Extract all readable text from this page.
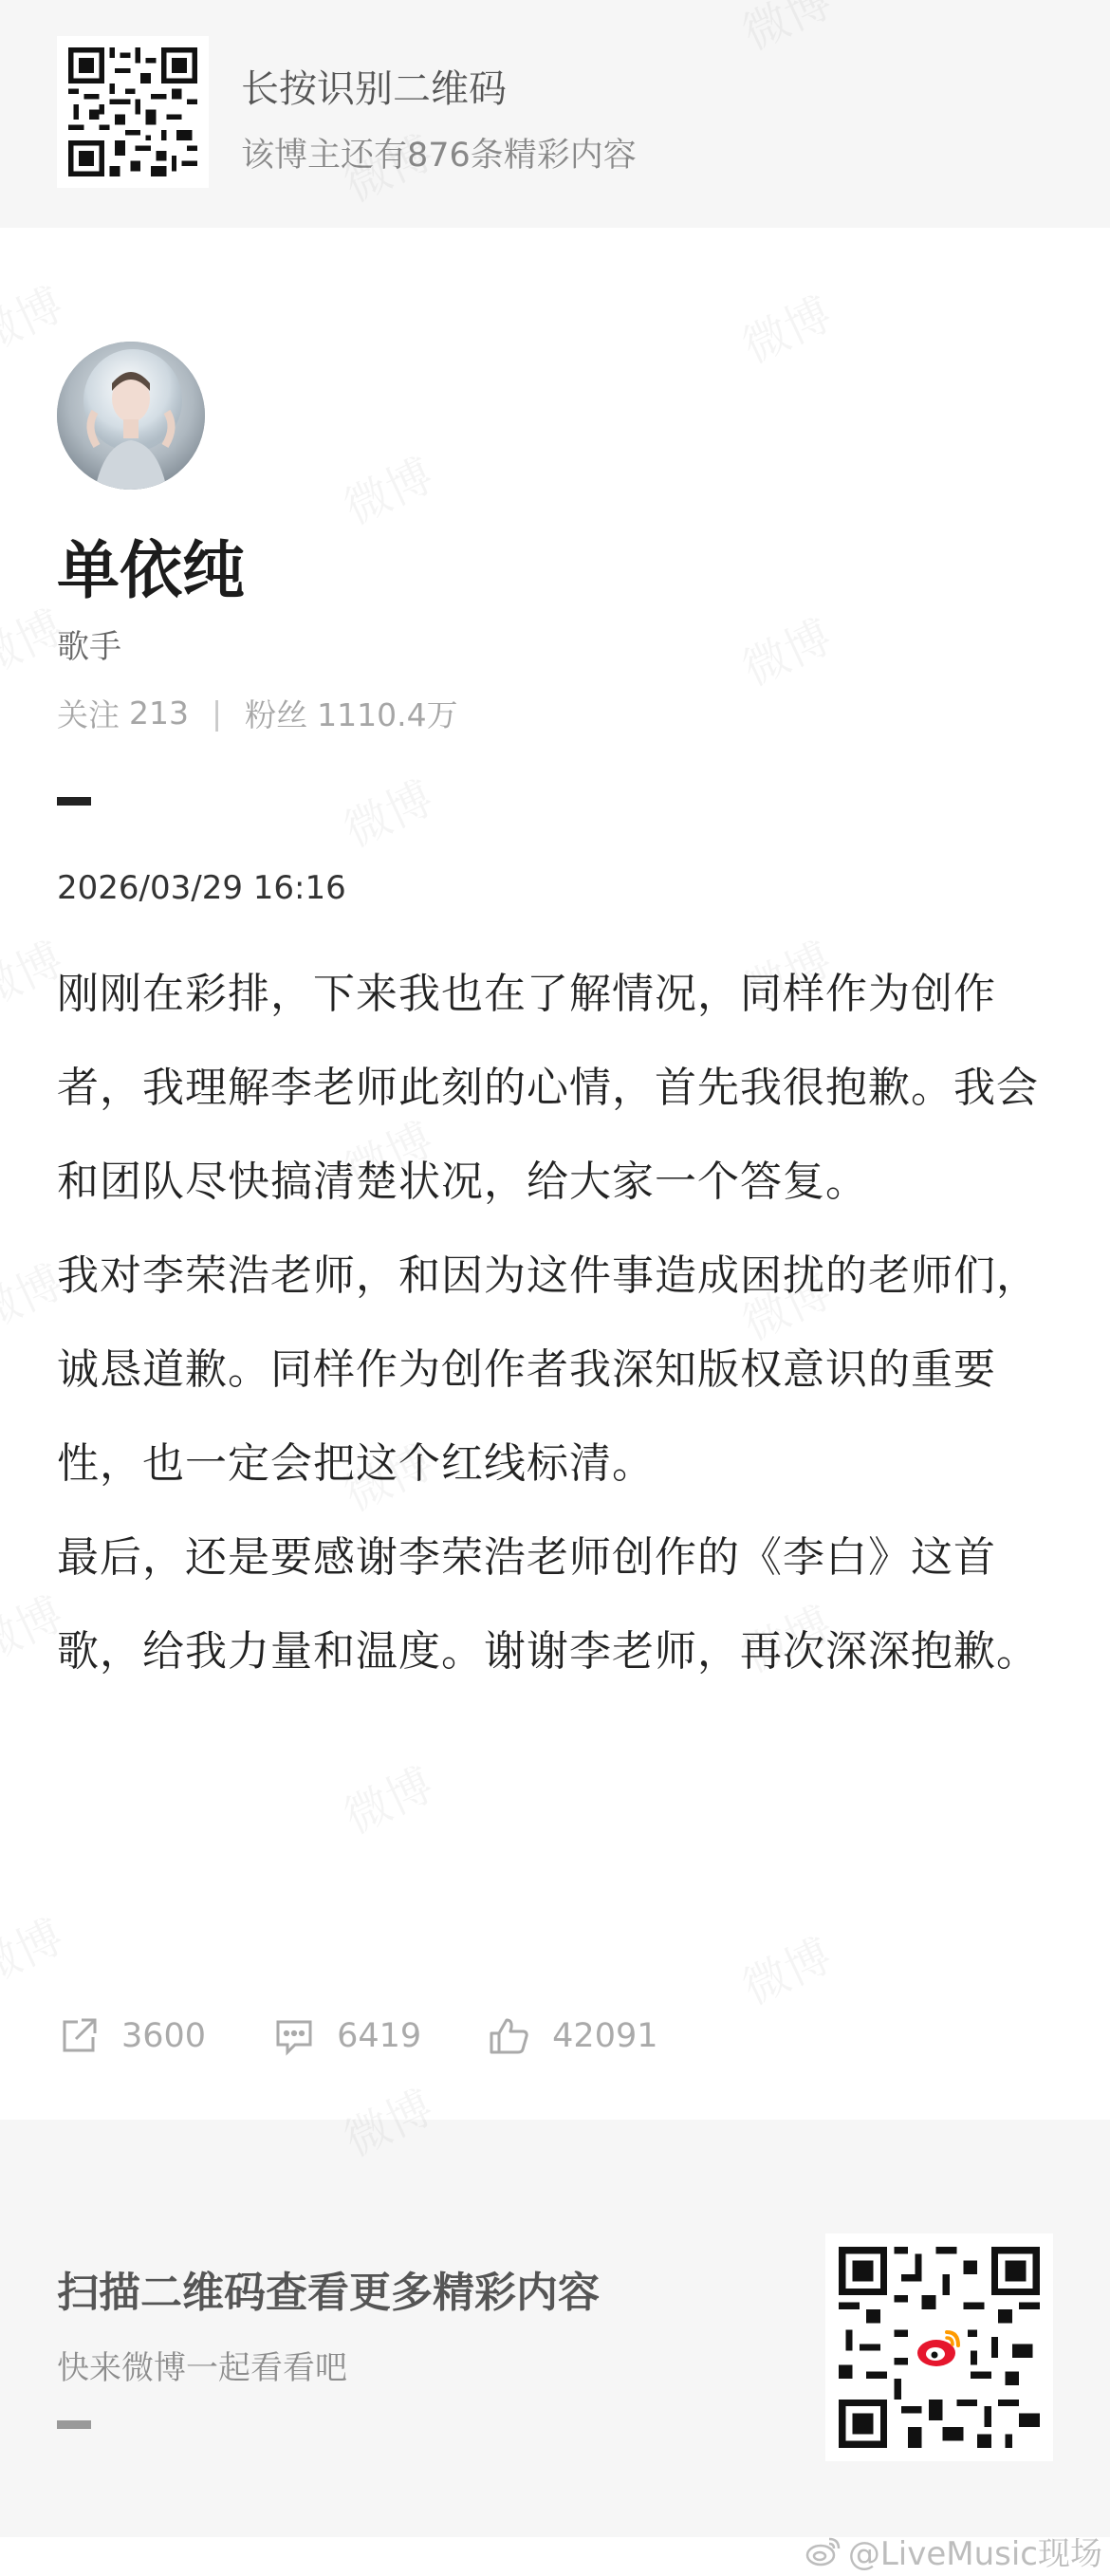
长按识别二维码
该博主还有876条精彩内容
单依纯
歌手
关注 213 | 粉丝 1110.4万
2026/03/29 16:16

刚刚在彩排，下来我也在了解情况，同样作为创作者，我理解李老师此刻的心情，首先我很抱歉。我会和团队尽快搞清楚状况，给大家一个答复。

我对李荣浩老师，和因为这件事造成困扰的老师们，诚恳道歉。同样作为创作者我深知版权意识的重要性，也一定会把这个红线标清。

最后，还是要感谢李荣浩老师创作的《李白》这首歌，给我力量和温度。谢谢李老师，再次深深抱歉。

3600	6419	42091
扫描二维码查看更多精彩内容
快来微博一起看看吧
@LiveMusic现场
